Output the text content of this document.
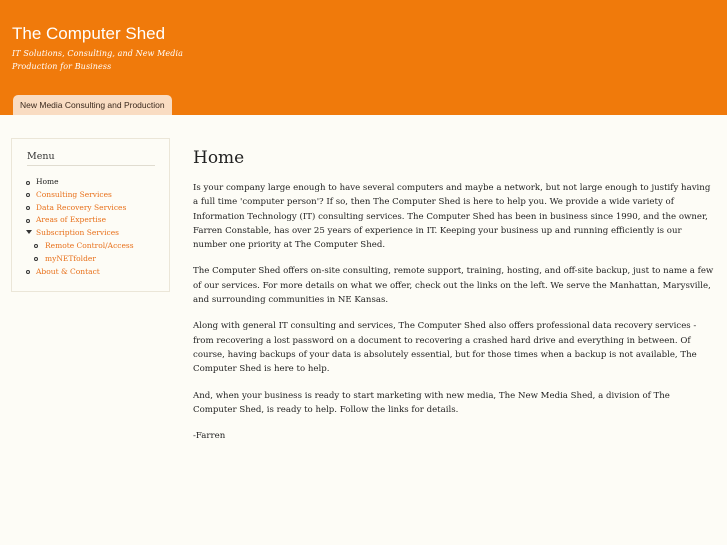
The Computer Shed
IT Solutions, Consulting, and New Media Production for Business
New Media Consulting and Production
Menu
Home
Consulting Services
Data Recovery Services
Areas of Expertise
Subscription Services
Remote Control/Access
myNETfolder
About & Contact
Home

Is your company large enough to have several computers and maybe a network, but not large enough to justify having a full time 'computer person'? If so, then The Computer Shed is here to help you. We provide a wide variety of Information Technology (IT) consulting services. The Computer Shed has been in business since 1990, and the owner, Farren Constable, has over 25 years of experience in IT. Keeping your business up and running efficiently is our number one priority at The Computer Shed.

The Computer Shed offers on-site consulting, remote support, training, hosting, and off-site backup, just to name a few of our services. For more details on what we offer, check out the links on the left. We serve the Manhattan, Marysville, and surrounding communities in NE Kansas.

Along with general IT consulting and services, The Computer Shed also offers professional data recovery services - from recovering a lost password on a document to recovering a crashed hard drive and everything in between. Of course, having backups of your data is absolutely essential, but for those times when a backup is not available, The Computer Shed is here to help.

And, when your business is ready to start marketing with new media, The New Media Shed, a division of The Computer Shed, is ready to help. Follow the links for details.

-Farren
